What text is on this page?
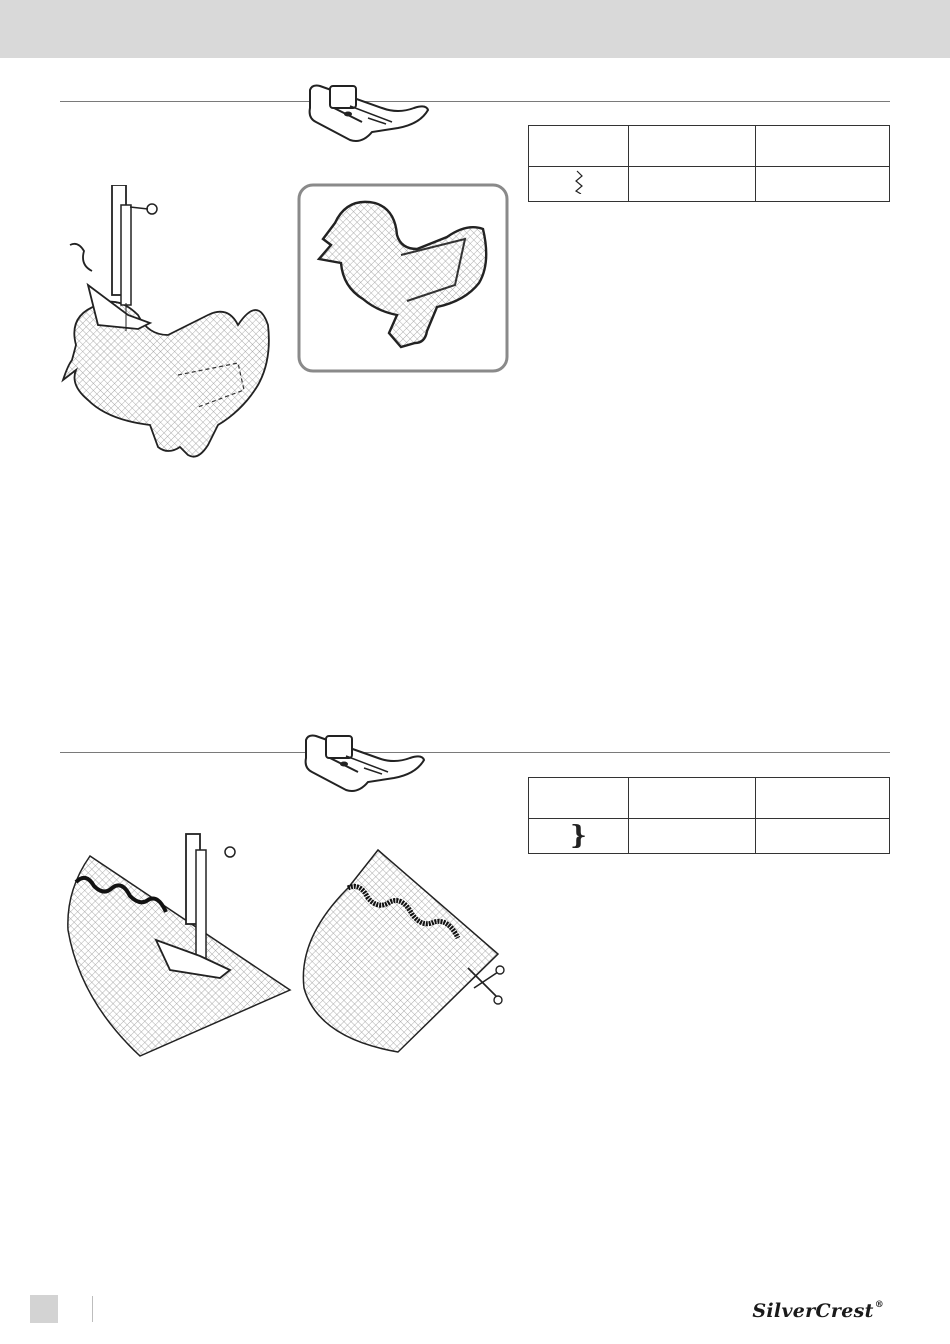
}		
SilverCrest®
